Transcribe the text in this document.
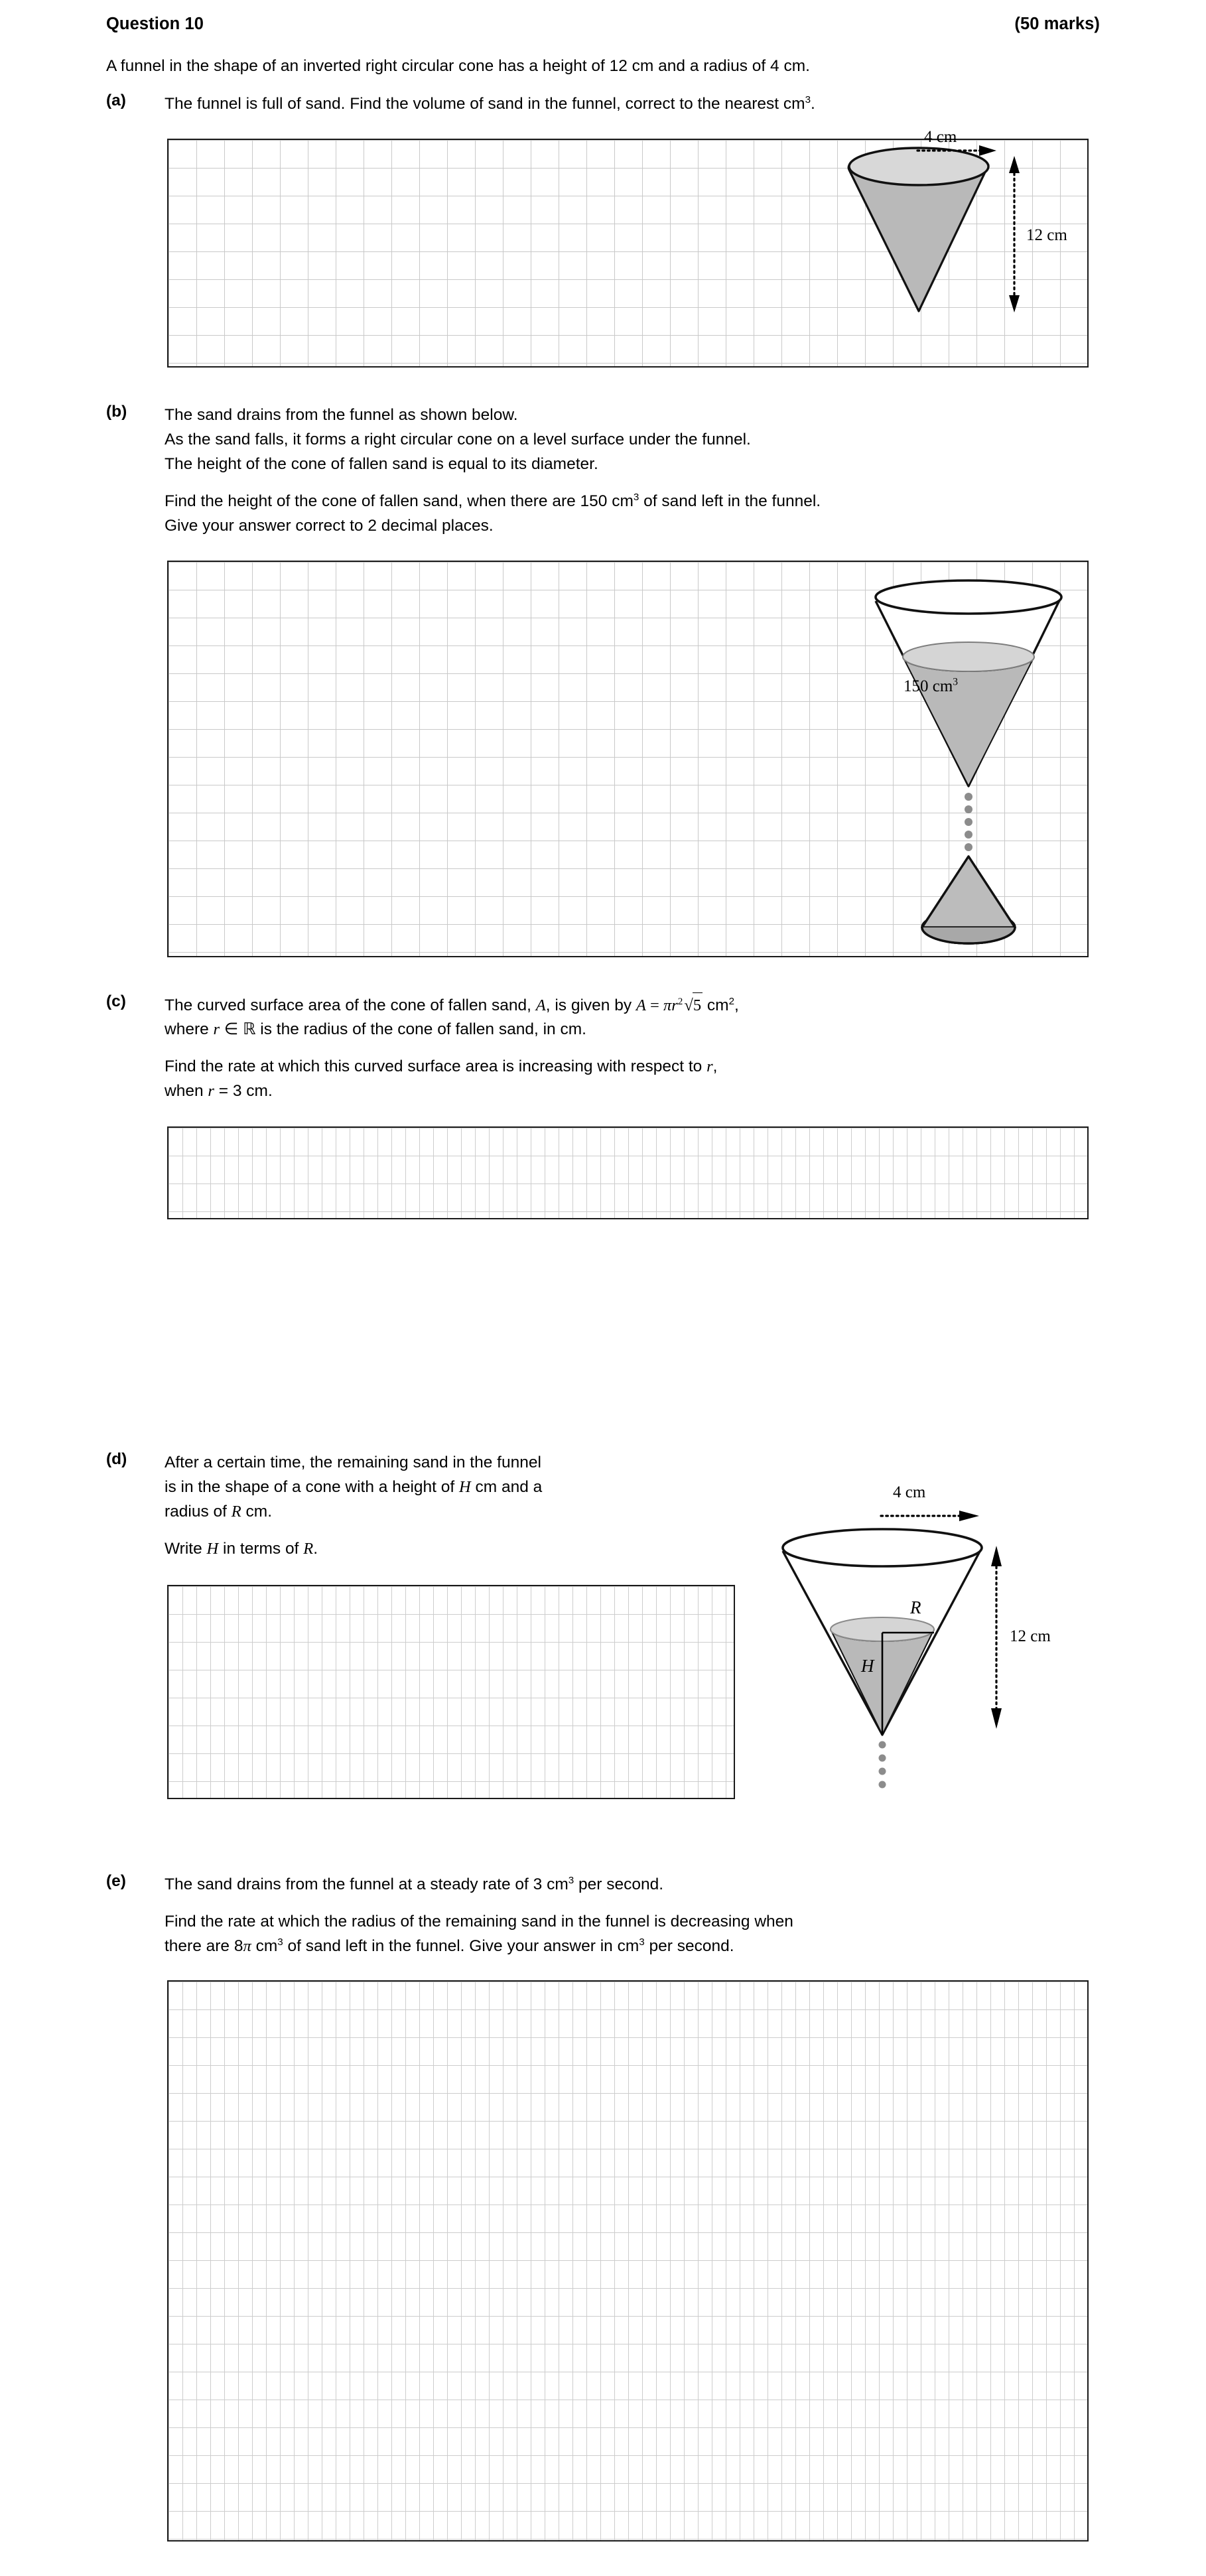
Question 10	(50 marks)
A funnel in the shape of an inverted right circular cone has a height of 12 cm and a radius of 4 cm.
(a) The funnel is full of sand. Find the volume of sand in the funnel, correct to the nearest $cm^3$.
4 cm
12 cm
(b) The sand drains from the funnel as shown below.
As the sand falls, it forms a right circular cone on a level surface under the funnel.
The height of the cone of fallen sand is equal to its diameter.
Find the height of the cone of fallen sand, when there are 150 $cm^3$ of sand left in the funnel.
Give your answer correct to 2 decimal places.
150 $cm^3$
(c) The curved surface area of the cone of fallen sand, A, is given by $A = \pi r^2√5$ $cm^2$,
where r ∈ ℝ is the radius of the cone of fallen sand, in cm.
Find the rate at which this curved surface area is increasing with respect to r,
when r = 3 cm.
(d) After a certain time, the remaining sand in the funnel
is in the shape of a cone with a height of H cm and a
radius of R cm.
Write H in terms of R.
4 cm
12 cm
R
H
(e) The sand drains from the funnel at a steady rate of 3 $cm^3$ per second.
Find the rate at which the radius of the remaining sand in the funnel is decreasing when
there are 8π $cm^3$ of sand left in the funnel. Give your answer in $cm^3$ per second.
